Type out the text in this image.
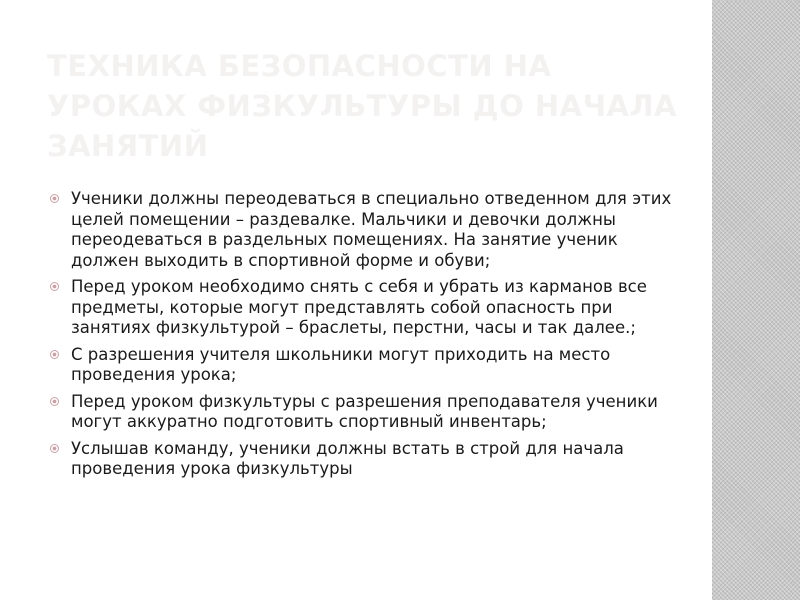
ТЕХНИКА БЕЗОПАСНОСТИ НА УРОКАХ ФИЗКУЛЬТУРЫ ДО НАЧАЛА ЗАНЯТИЙ
Ученики должны переодеваться в специально отведенном для этих целей помещении – раздевалке. Мальчики и девочки должны переодеваться в раздельных помещениях. На занятие ученик должен выходить в спортивной форме и обуви;
Перед уроком необходимо снять с себя и убрать из карманов все предметы, которые могут представлять собой опасность при занятиях физкультурой – браслеты, перстни, часы и так далее.;
С разрешения учителя школьники могут приходить на место проведения урока;
Перед уроком физкультуры с разрешения преподавателя ученики могут аккуратно подготовить спортивный инвентарь;
Услышав команду, ученики должны встать в строй для начала проведения урока физкультуры
